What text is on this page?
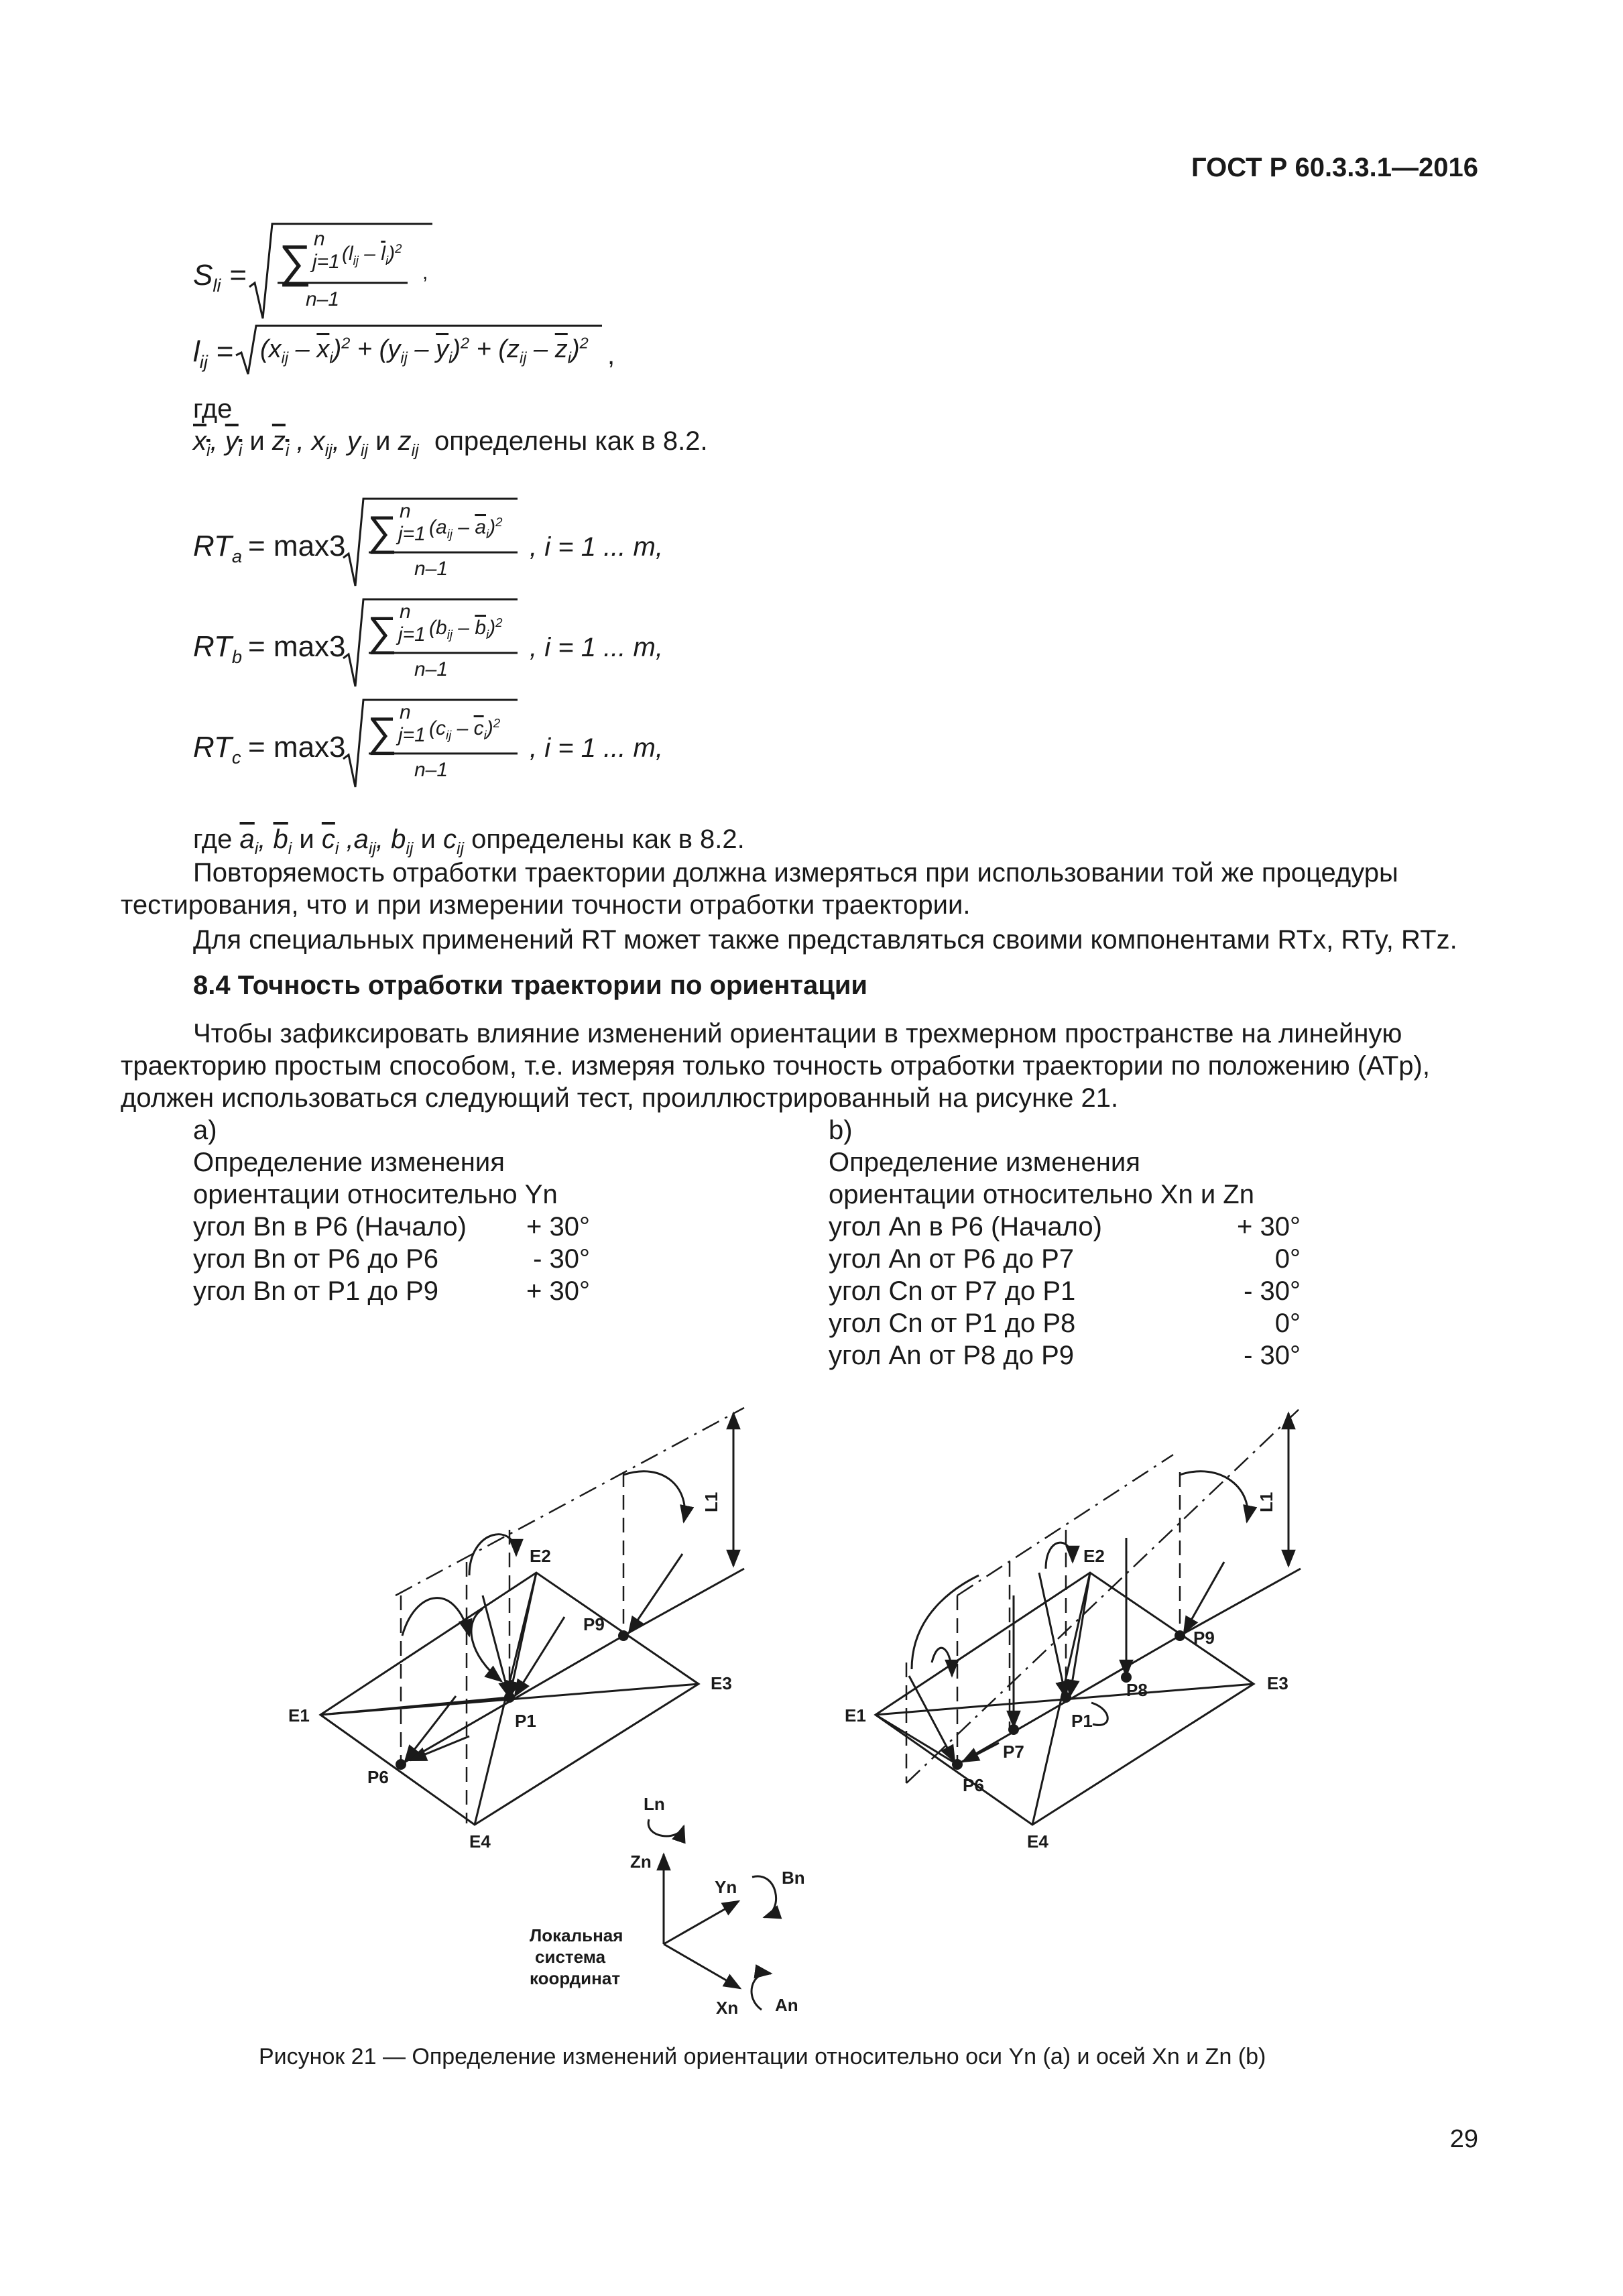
ГОСТ Р 60.3.3.1—2016
$S_{li}$ = ∑ n
j=1 $(l_{ij} - \overline{l}_i)^2$
n–1
,
$l_{ij} = (x_{ij} - \overline{x}_i)^2 + (y_{ij} - \overline{y}_i)^2 + (z_{ij} - \overline{z}_i)^2$ ,
где
$x_i$, $y_i$ и $z_i$ , $x_{ij}$, $y_{ij}$ и $z_{ij}$ определены как в 8.2.
$RT_a = \max 3$ ∑ n
j=1 $(a_{ij} - \overline{a}_i)^2$
n–1
, i = 1 ... m,
$RT_b = \max 3$ ∑ n
j=1 $(b_{ij} - \overline{b}_i)^2$
n–1
, i = 1 ... m,
$RT_c = \max 3$ ∑ n
j=1 $(c_{ij} - \overline{c}_i)^2$
n–1
, i = 1 ... m,
где $\overline{a}_i$, $\overline{b}_i$ и $\overline{c}_i$ $,a_{ij}$, $b_{ij}$ и $c_{ij}$ определены как в 8.2.
Повторяемость отработки траектории должна измеряться при использовании той же процедуры
тестирования, что и при измерении точности отработки траектории.
Для специальных применений RT может также представляться своими компонентами RTx, RTy, RTz.
8.4 Точность отработки траектории по ориентации
Чтобы зафиксировать влияние изменений ориентации в трехмерном пространстве на линейную
траекторию простым способом, т.е. измеряя только точность отработки траектории по положению (ATp),
должен использоваться следующий тест, проиллюстрированный на рисунке 21.
a)
Определение изменения
ориентации относительно Yn
угол Bn в P6 (Начало)	+ 30°
угол Bn от P6 до P6	- 30°
угол Bn от P1 до P9	+ 30°
b)
Определение изменения
ориентации относительно Xn и Zn
угол An в P6 (Начало)	+ 30°
угол An от P6 до P7	0°
угол Cn от P7 до P1	- 30°
угол Cn от P1 до P8	0°
угол An от P8 до P9	- 30°
E1
E2
E3
E4
P1
P6
P9
L1
E1
E2
E3
E4
P1
P6
P7
P8
P9
L1
Ln
Zn
Yn	Bn
Xn An
Локальная
система
координат
Рисунок 21 — Определение изменений ориентации относительно оси Yn (a) и осей Xn и Zn (b)
29
